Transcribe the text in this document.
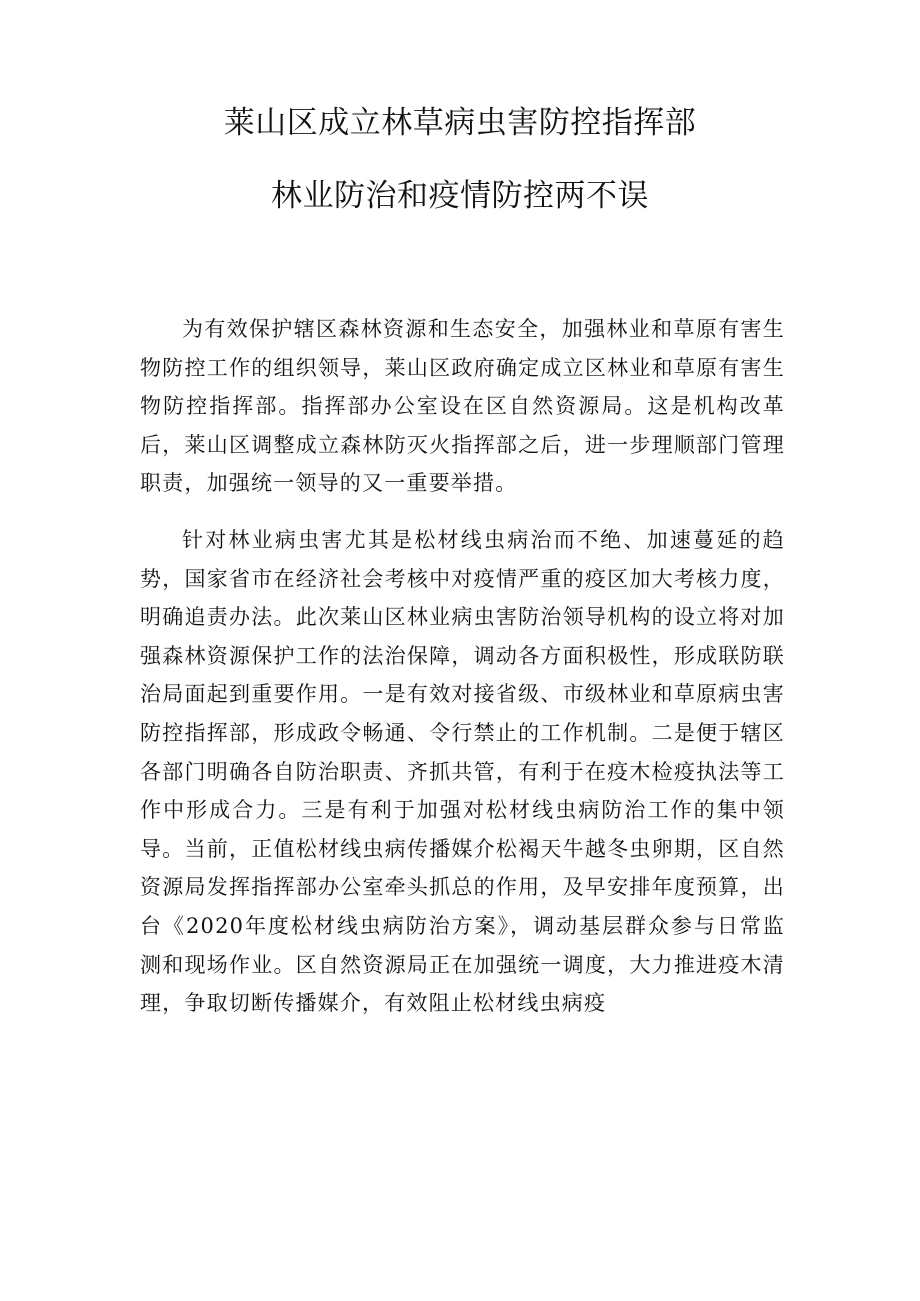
莱山区成立林草病虫害防控指挥部
林业防治和疫情防控两不误

为有效保护辖区森林资源和生态安全，加强林业和草原有害生物防控工作的组织领导，莱山区政府确定成立区林业和草原有害生物防控指挥部。指挥部办公室设在区自然资源局。这是机构改革后，莱山区调整成立森林防灭火指挥部之后，进一步理顺部门管理职责，加强统一领导的又一重要举措。

针对林业病虫害尤其是松材线虫病治而不绝、加速蔓延的趋势，国家省市在经济社会考核中对疫情严重的疫区加大考核力度，明确追责办法。此次莱山区林业病虫害防治领导机构的设立将对加强森林资源保护工作的法治保障，调动各方面积极性，形成联防联治局面起到重要作用。一是有效对接省级、市级林业和草原病虫害防控指挥部，形成政令畅通、令行禁止的工作机制。二是便于辖区各部门明确各自防治职责、齐抓共管，有利于在疫木检疫执法等工作中形成合力。三是有利于加强对松材线虫病防治工作的集中领导。当前，正值松材线虫病传播媒介松褐天牛越冬虫卵期，区自然资源局发挥指挥部办公室牵头抓总的作用，及早安排年度预算，出台《2020年度松材线虫病防治方案》，调动基层群众参与日常监测和现场作业。区自然资源局正在加强统一调度，大力推进疫木清理，争取切断传播媒介，有效阻止松材线虫病疫
